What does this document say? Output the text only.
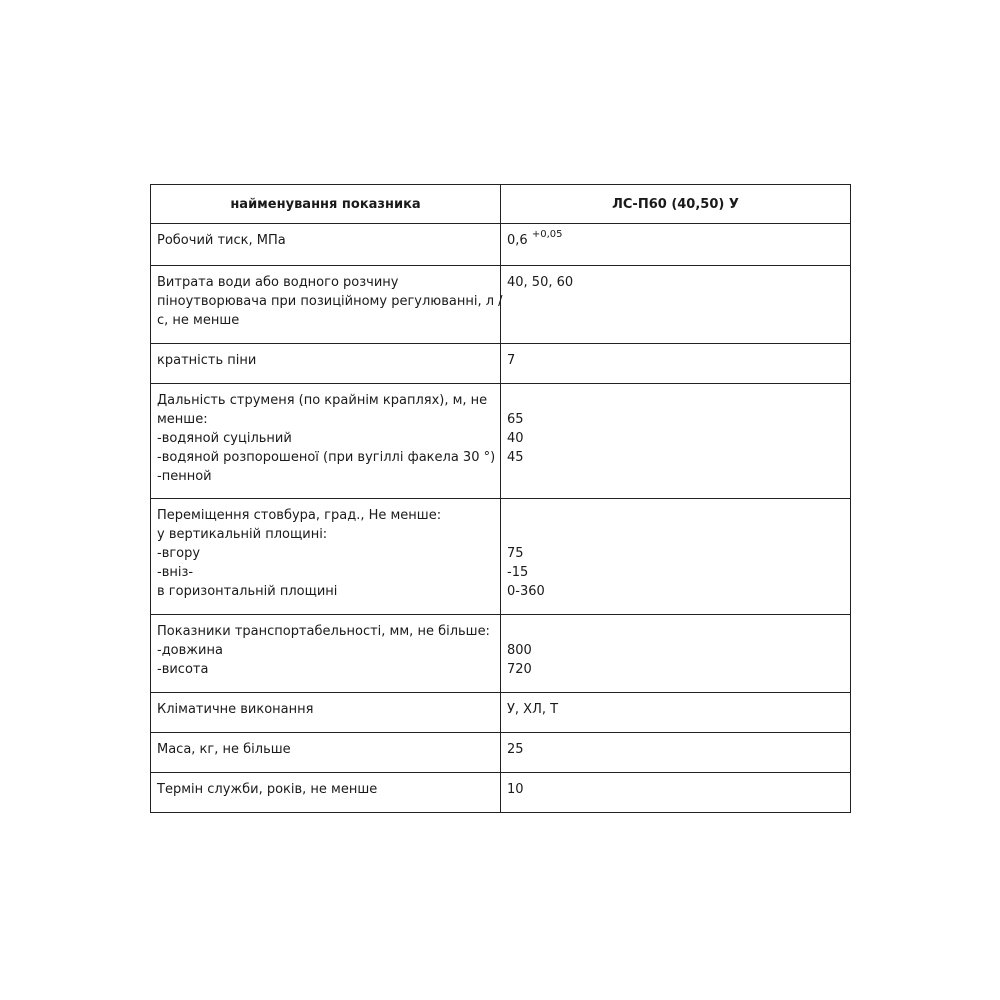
найменування показника	ЛС-П60 (40,50) У

Робочий тиск, МПа	0,6 $^{+0,05}$

Витрата води або водного розчину
піноутворювача при позиційному регулюванні, л /
с, не менше	40, 50, 60

кратність піни	7

Дальність струменя (по крайнім краплях), м, не
менше:
-водяной суцільний
-водяной розпорошеної (при вугіллі факела 30 °)
-пенной	65
40
45

Переміщення стовбура, град., Не менше:
у вертикальній площині:
-вгору
-вніз-
в горизонтальній площині	75
-15
0-360

Показники транспортабельності, мм, не більше:
-довжина
-висота	800
720

Кліматичне виконання	У, ХЛ, Т

Маса, кг, не більше	25

Термін служби, років, не менше	10
